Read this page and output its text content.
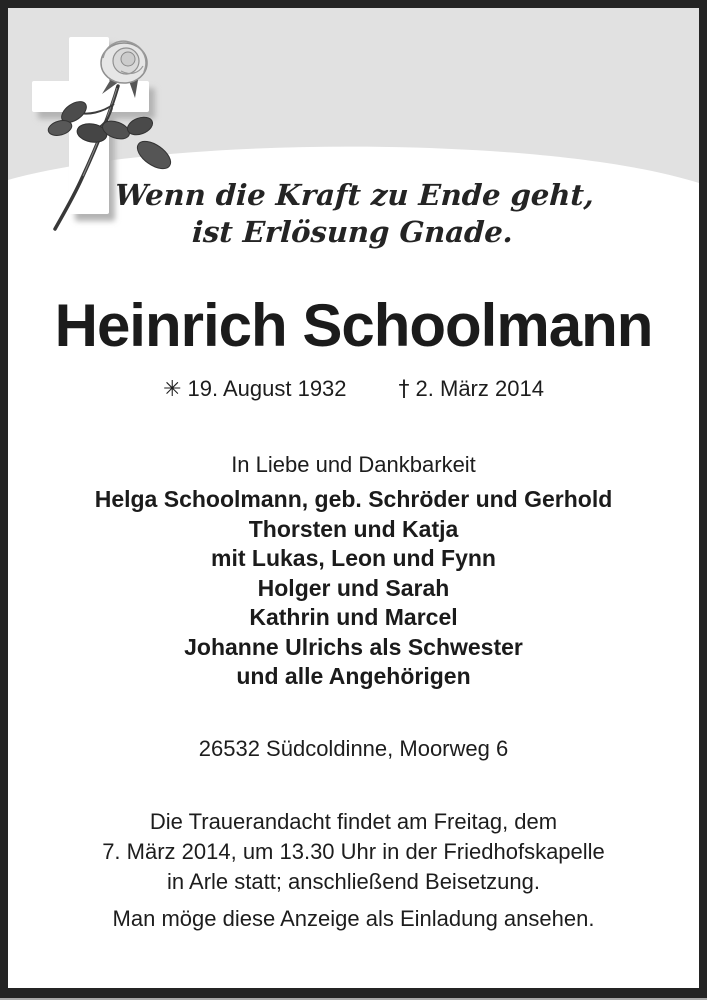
Wenn die Kraft zu Ende geht,
ist Erlösung Gnade.
Heinrich Schoolmann
✳ 19. August 1932 † 2. März 2014
In Liebe und Dankbarkeit
Helga Schoolmann, geb. Schröder und Gerhold
Thorsten und Katja
mit Lukas, Leon und Fynn
Holger und Sarah
Kathrin und Marcel
Johanne Ulrichs als Schwester
und alle Angehörigen
26532 Südcoldinne, Moorweg 6
Die Trauerandacht findet am Freitag, dem
7. März 2014, um 13.30 Uhr in der Friedhofskapelle
in Arle statt; anschließend Beisetzung.
Man möge diese Anzeige als Einladung ansehen.
